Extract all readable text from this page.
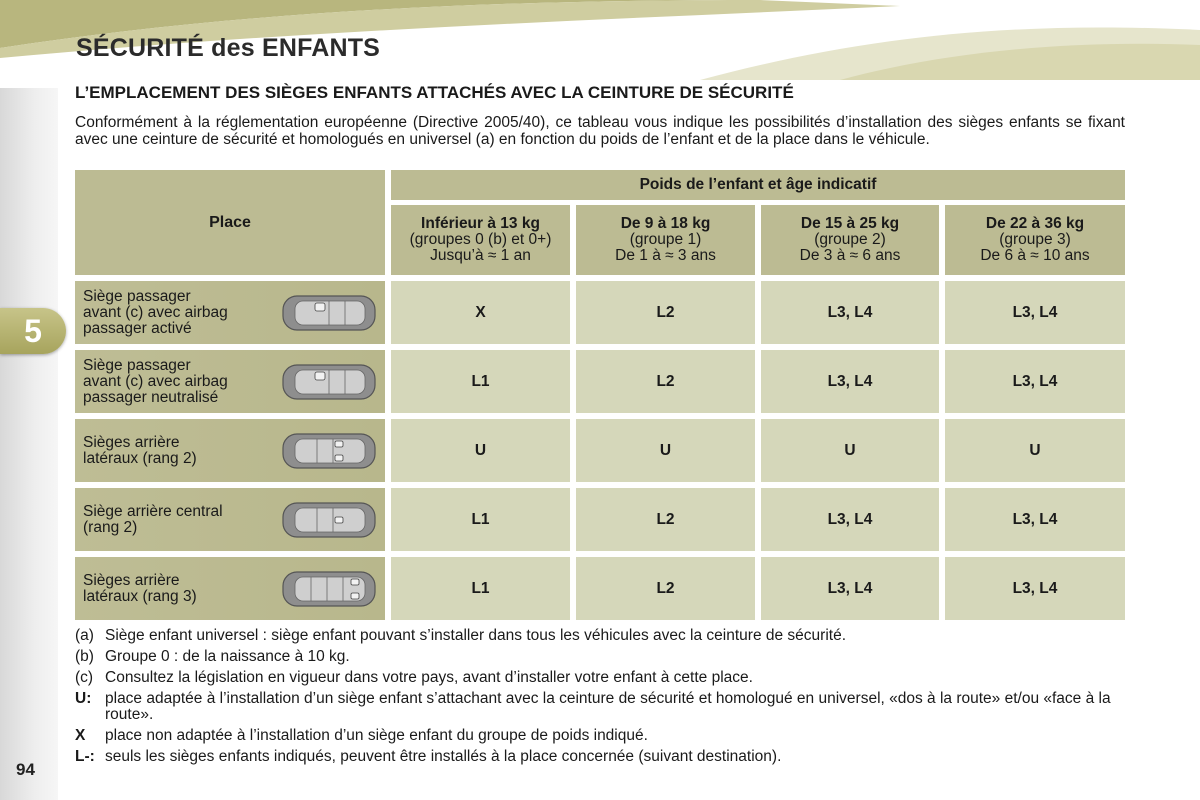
SÉCURITÉ des ENFANTS
5
94
L’EMPLACEMENT DES SIÈGES ENFANTS ATTACHÉS AVEC LA CEINTURE DE SÉCURITÉ

Conformément à la réglementation européenne (Directive 2005/40), ce tableau vous indique les possibilités d’installation des sièges enfants se fixant avec une ceinture de sécurité et homologués en universel (a) en fonction du poids de l’enfant et de la place dans le véhicule.

Place
Poids de l’enfant et âge indicatif
Inférieur à 13 kg
(groupes 0 (b) et 0+)
Jusqu’à ≈ 1 an
De 9 à 18 kg
(groupe 1)
De 1 à ≈ 3 ans
De 15 à 25 kg
(groupe 2)
De 3 à ≈ 6 ans
De 22 à 36 kg
(groupe 3)
De 6 à ≈ 10 ans
Siège passager
avant (c) avec airbag
passager activé
X	L2	L3, L4	L3, L4
Siège passager
avant (c) avec airbag
passager neutralisé
L1	L2	L3, L4	L3, L4
Sièges arrière
latéraux (rang 2)	U	U	U	U
Siège arrière central
(rang 2)	L1	L2	L3, L4	L3, L4
Sièges arrière
latéraux (rang 3)	L1	L2	L3, L4	L3, L4
(a) Siège enfant universel : siège enfant pouvant s’installer dans tous les véhicules avec la ceinture de sécurité.
(b) Groupe 0 : de la naissance à 10 kg.
(c) Consultez la législation en vigueur dans votre pays, avant d’installer votre enfant à cette place.
U: place adaptée à l’installation d’un siège enfant s’attachant avec la ceinture de sécurité et homologué en universel, «dos à la route» et/ou «face à la route».
X	place non adaptée à l’installation d’un siège enfant du groupe de poids indiqué.
L-: seuls les sièges enfants indiqués, peuvent être installés à la place concernée (suivant destination).
